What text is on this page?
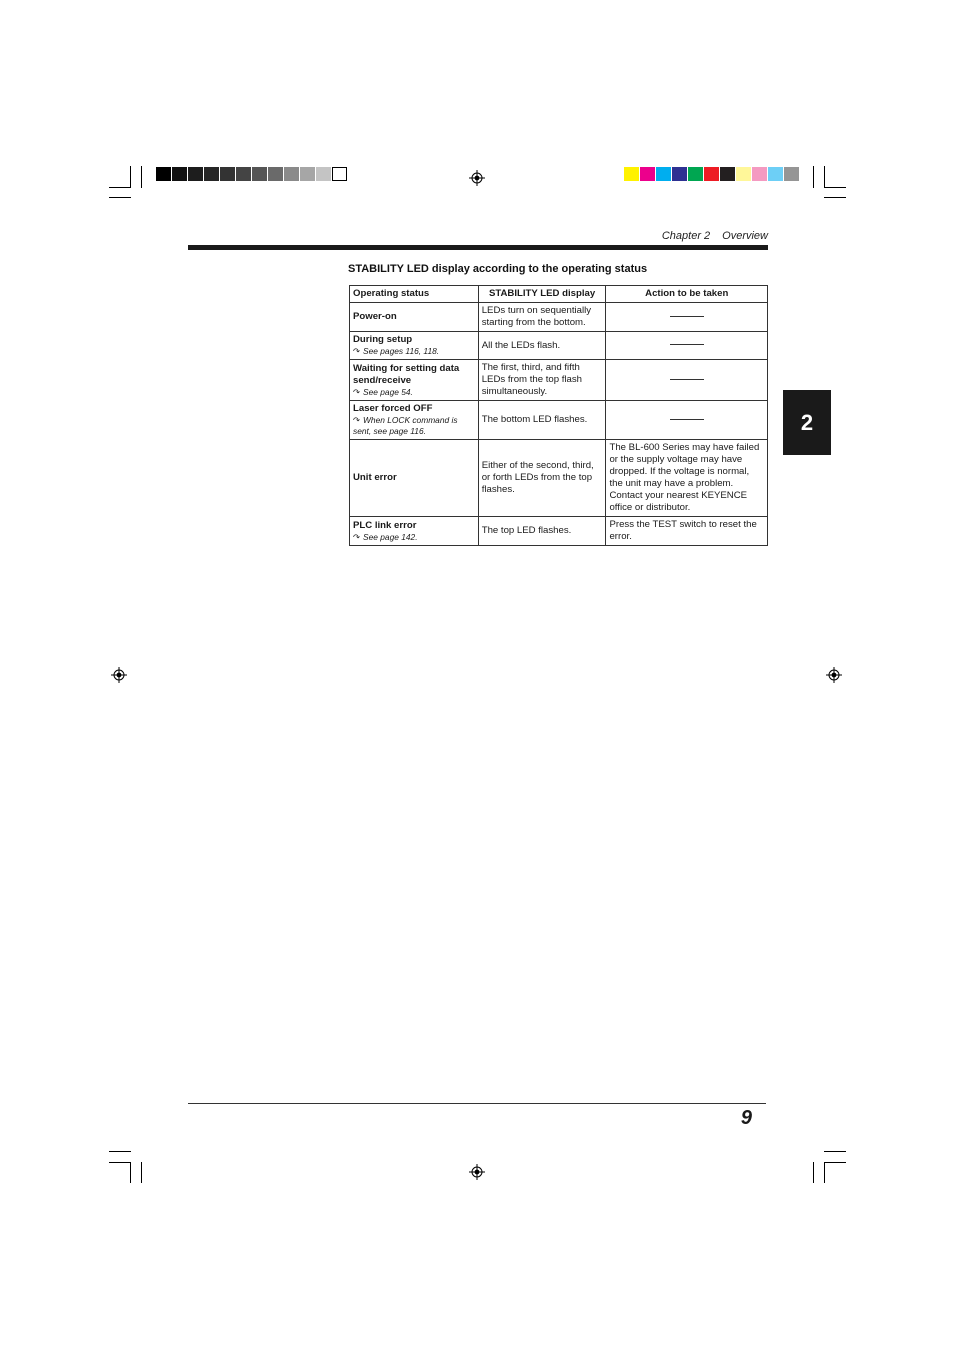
Chapter 2 Overview
STABILITY LED display according to the operating status
Operating status	STABILITY LED display	Action to be taken

Power-on	LEDs turn on sequentially starting from the bottom.	

During setup
↷ See pages 116, 118.	All the LEDs flash.	

Waiting for setting data send/receive
↷ See page 54.	The first, third, and fifth LEDs from the top flash simultaneously.	

Laser forced OFF
↷ When LOCK command is sent, see page 116.	The bottom LED flashes.	

Unit error	Either of the second, third, or forth LEDs from the top flashes.	The BL-600 Series may have failed or the supply voltage may have dropped. If the voltage is normal, the unit may have a problem. Contact your nearest KEYENCE office or distributor.

PLC link error
↷ See page 142.	The top LED flashes.	Press the TEST switch to reset the error.
2
9
